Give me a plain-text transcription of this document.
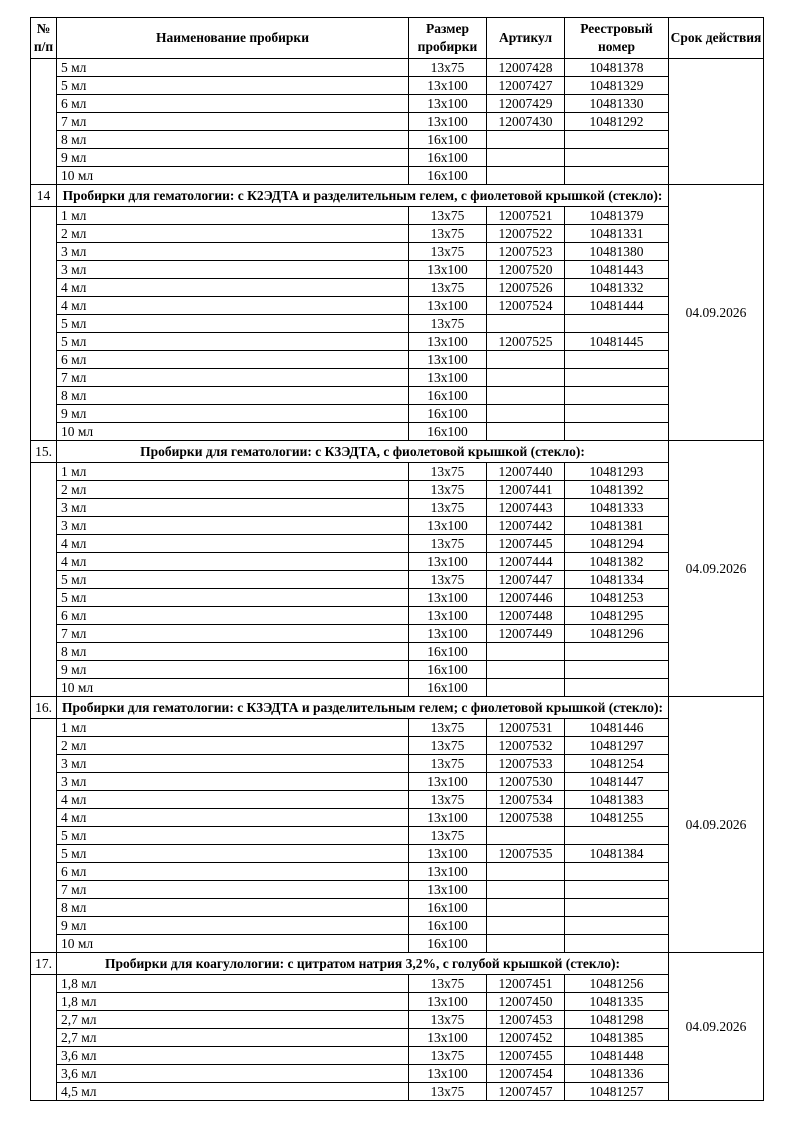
№ п/п	Наименование пробирки	Размер пробирки	Артикул	Реестровый номер	Срок действия
	5 мл	13x75	12007428	10481378	
	5 мл	13x100	12007427	10481329	
	6 мл	13x100	12007429	10481330	
	7 мл	13x100	12007430	10481292	
	8 мл	16x100			
	9 мл	16x100			
	10 мл	16x100			
14	Пробирки для гематологии: с К2ЭДТА и разделительным гелем, с фиолетовой крышкой (стекло):				04.09.2026
	1 мл	13x75	12007521	10481379	
	2 мл	13x75	12007522	10481331	
	3 мл	13x75	12007523	10481380	
	3 мл	13x100	12007520	10481443	
	4 мл	13x75	12007526	10481332	
	4 мл	13x100	12007524	10481444	
	5 мл	13x75			
	5 мл	13x100	12007525	10481445	
	6 мл	13x100			
	7 мл	13x100			
	8 мл	16x100			
	9 мл	16x100			
	10 мл	16x100			
15.	Пробирки для гематологии: с К3ЭДТА, с фиолетовой крышкой (стекло):				04.09.2026
	1 мл	13x75	12007440	10481293	
	2 мл	13x75	12007441	10481392	
	3 мл	13x75	12007443	10481333	
	3 мл	13x100	12007442	10481381	
	4 мл	13x75	12007445	10481294	
	4 мл	13x100	12007444	10481382	
	5 мл	13x75	12007447	10481334	
	5 мл	13x100	12007446	10481253	
	6 мл	13x100	12007448	10481295	
	7 мл	13x100	12007449	10481296	
	8 мл	16x100			
	9 мл	16x100			
	10 мл	16x100			
16.	Пробирки для гематологии: с К3ЭДТА и разделительным гелем; с фиолетовой крышкой (стекло):				04.09.2026
	1 мл	13x75	12007531	10481446	
	2 мл	13x75	12007532	10481297	
	3 мл	13x75	12007533	10481254	
	3 мл	13x100	12007530	10481447	
	4 мл	13x75	12007534	10481383	
	4 мл	13x100	12007538	10481255	
	5 мл	13x75			
	5 мл	13x100	12007535	10481384	
	6 мл	13x100			
	7 мл	13x100			
	8 мл	16x100			
	9 мл	16x100			
	10 мл	16x100			
17.	Пробирки для коагулологии: с цитратом натрия 3,2%, с голубой крышкой (стекло):				04.09.2026
	1,8 мл	13x75	12007451	10481256	
	1,8 мл	13x100	12007450	10481335	
	2,7 мл	13x75	12007453	10481298	
	2,7 мл	13x100	12007452	10481385	
	3,6 мл	13x75	12007455	10481448	
	3,6 мл	13x100	12007454	10481336	
	4,5 мл	13x75	12007457	10481257	
